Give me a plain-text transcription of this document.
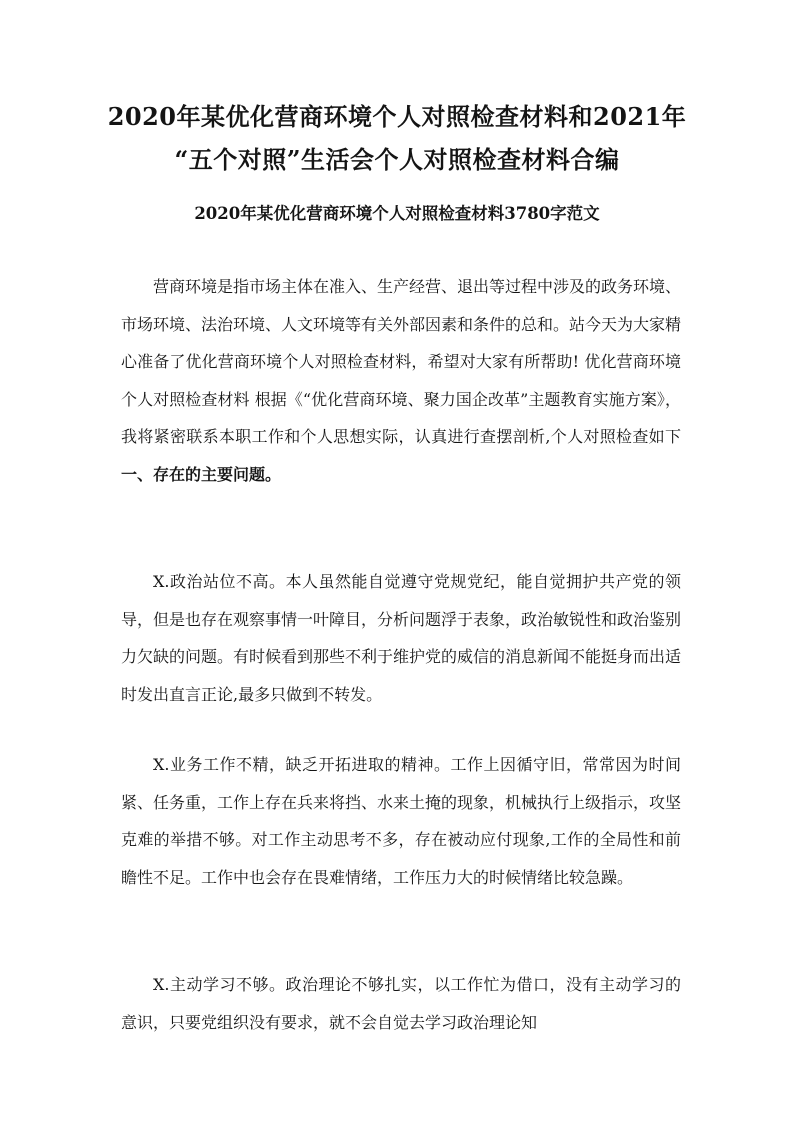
2020年某优化营商环境个人对照检查材料和2021年
“五个对照”生活会个人对照检查材料合编
2020年某优化营商环境个人对照检查材料3780字范文

营商环境是指市场主体在准入、生产经营、退出等过程中涉及的政务环境、市场环境、法治环境、人文环境等有关外部因素和条件的总和。站今天为大家精心准备了优化营商环境个人对照检查材料，希望对大家有所帮助! 优化营商环境个人对照检查材料 根据《“优化营商环境、聚力国企改革”主题教育实施方案》，我将紧密联系本职工作和个人思想实际，认真进行查摆剖析,个人对照检查如下 一、存在的主要问题。

X.政治站位不高。本人虽然能自觉遵守党规党纪，能自觉拥护共产党的领导，但是也存在观察事情一叶障目，分析问题浮于表象，政治敏锐性和政治鉴别力欠缺的问题。有时候看到那些不利于维护党的威信的消息新闻不能挺身而出适时发出直言正论,最多只做到不转发。

X.业务工作不精，缺乏开拓进取的精神。工作上因循守旧，常常因为时间紧、任务重，工作上存在兵来将挡、水来土掩的现象，机械执行上级指示，攻坚克难的举措不够。对工作主动思考不多，存在被动应付现象,工作的全局性和前瞻性不足。工作中也会存在畏难情绪，工作压力大的时候情绪比较急躁。

X.主动学习不够。政治理论不够扎实，以工作忙为借口，没有主动学习的意识，只要党组织没有要求，就不会自觉去学习政治理论知
